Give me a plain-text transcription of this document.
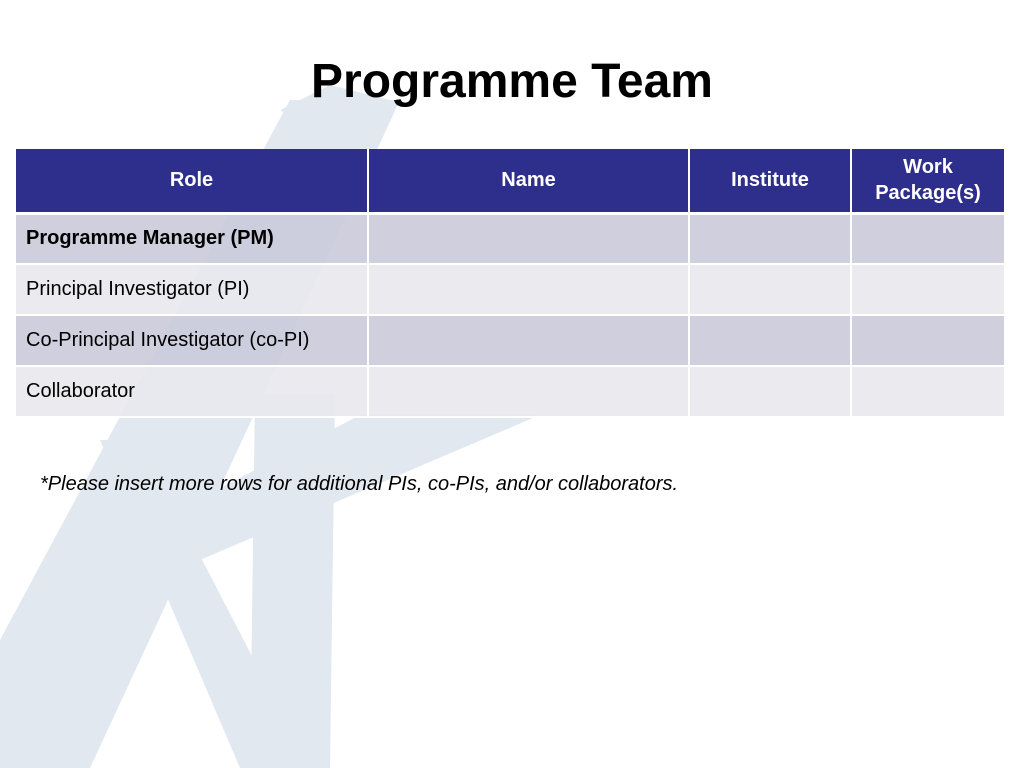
Programme Team
Role	Name	Institute	Work Package(s)
Programme Manager (PM)			
Principal Investigator (PI)			
Co-Principal Investigator (co-PI)			
Collaborator			

*Please insert more rows for additional PIs, co-PIs, and/or collaborators.
